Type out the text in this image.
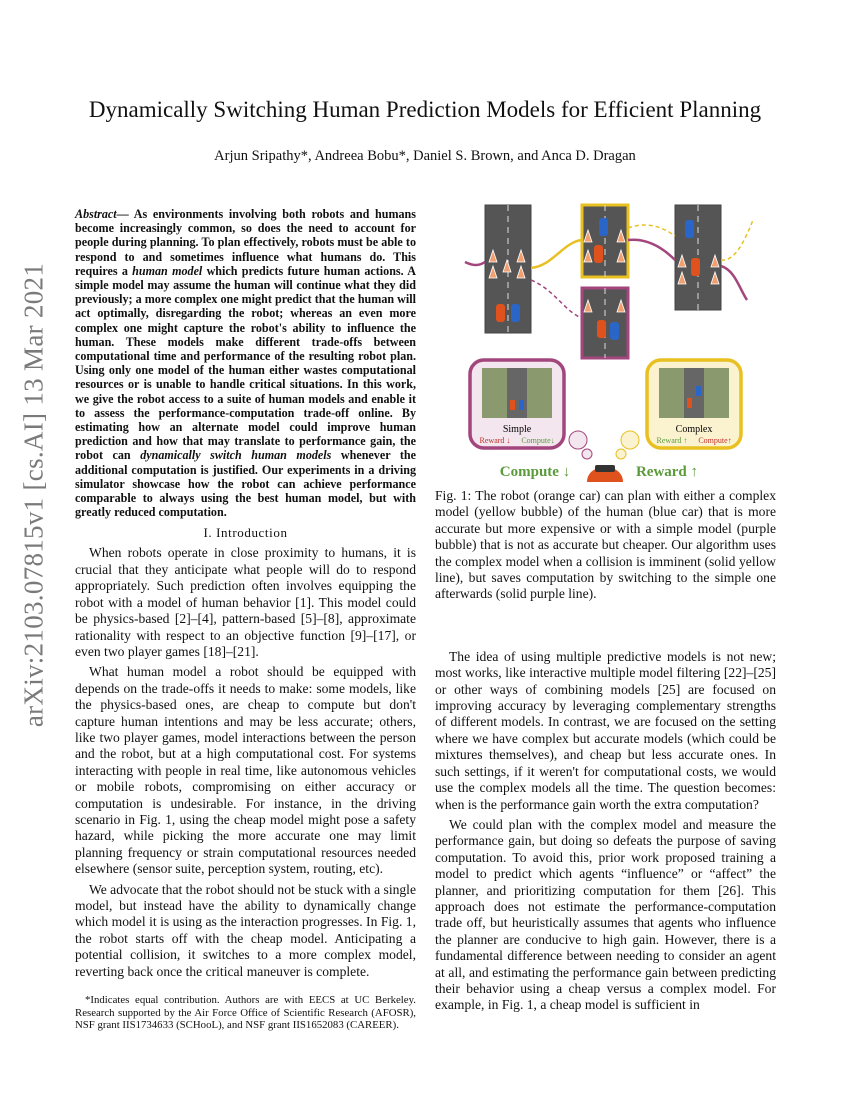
arXiv:2103.07815v1 [cs.AI] 13 Mar 2021
Dynamically Switching Human Prediction Models for Efficient Planning
Arjun Sripathy*, Andreea Bobu*, Daniel S. Brown, and Anca D. Dragan
Abstract— As environments involving both robots and humans become increasingly common, so does the need to account for people during planning. To plan effectively, robots must be able to respond to and sometimes influence what humans do. This requires a human model which predicts future human actions. A simple model may assume the human will continue what they did previously; a more complex one might predict that the human will act optimally, disregarding the robot; whereas an even more complex one might capture the robot's ability to influence the human. These models make different trade-offs between computational time and performance of the resulting robot plan. Using only one model of the human either wastes computational resources or is unable to handle critical situations. In this work, we give the robot access to a suite of human models and enable it to assess the performance-computation trade-off online. By estimating how an alternate model could improve human prediction and how that may translate to performance gain, the robot can dynamically switch human models whenever the additional computation is justified. Our experiments in a driving simulator showcase how the robot can achieve performance comparable to always using the best human model, but with greatly reduced computation.
I. Introduction

When robots operate in close proximity to humans, it is crucial that they anticipate what people will do to respond appropriately. Such prediction often involves equipping the robot with a model of human behavior [1]. This model could be physics-based [2]–[4], pattern-based [5]–[8], approximate rationality with respect to an objective function [9]–[17], or even two player games [18]–[21].

What human model a robot should be equipped with depends on the trade-offs it needs to make: some models, like the physics-based ones, are cheap to compute but don't capture human intentions and may be less accurate; others, like two player games, model interactions between the person and the robot, but at a high computational cost. For systems interacting with people in real time, like autonomous vehicles or mobile robots, compromising on either accuracy or computation is undesirable. For instance, in the driving scenario in Fig. 1, using the cheap model might pose a safety hazard, while picking the more accurate one may limit planning frequency or strain computational resources needed elsewhere (sensor suite, perception system, routing, etc).

We advocate that the robot should not be stuck with a single model, but instead have the ability to dynamically change which model it is using as the interaction progresses. In Fig. 1, the robot starts off with the cheap model. Anticipating a potential collision, it switches to a more complex model, reverting back once the critical maneuver is complete.

*Indicates equal contribution. Authors are with EECS at UC Berkeley. Research supported by the Air Force Office of Scientific Research (AFOSR), NSF grant IIS1734633 (SCHooL), and NSF grant IIS1652083 (CAREER).
Simple
Reward ↓ Compute↓
Complex
Reward ↑ Compute↑
Compute ↓	Reward ↑
Fig. 1: The robot (orange car) can plan with either a complex model (yellow bubble) of the human (blue car) that is more accurate but more expensive or with a simple model (purple bubble) that is not as accurate but cheaper. Our algorithm uses the complex model when a collision is imminent (solid yellow line), but saves computation by switching to the simple one afterwards (solid purple line).

The idea of using multiple predictive models is not new; most works, like interactive multiple model filtering [22]–[25] or other ways of combining models [25] are focused on improving accuracy by leveraging complementary strengths of different models. In contrast, we are focused on the setting where we have complex but accurate models (which could be mixtures themselves), and cheap but less accurate ones. In such settings, if it weren't for computational costs, we would use the complex models all the time. The question becomes: when is the performance gain worth the extra computation?

We could plan with the complex model and measure the performance gain, but doing so defeats the purpose of saving computation. To avoid this, prior work proposed training a model to predict which agents “influence” or “affect” the planner, and prioritizing computation for them [26]. This approach does not estimate the performance-computation trade off, but heuristically assumes that agents who influence the planner are conducive to high gain. However, there is a fundamental difference between needing to consider an agent at all, and estimating the performance gain between predicting their behavior using a cheap versus a complex model. For example, in Fig. 1, a cheap model is sufficient in
